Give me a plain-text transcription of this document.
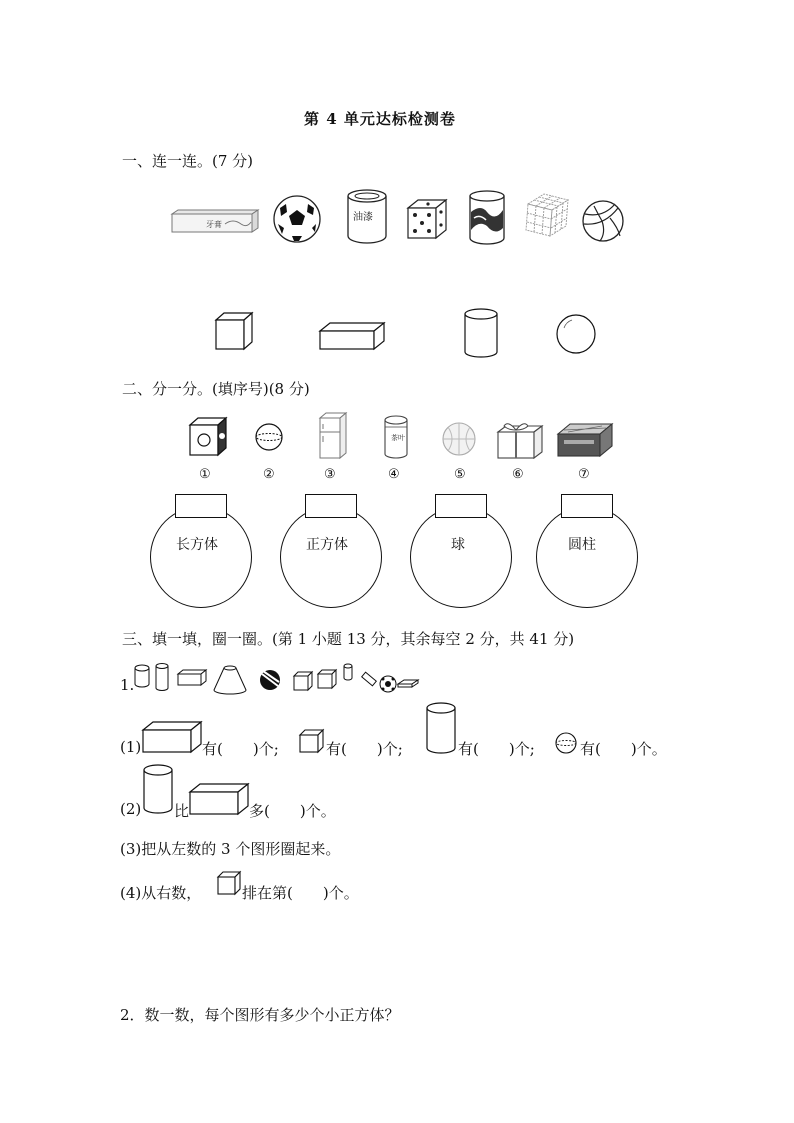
第 4 单元达标检测卷
一、连一连。(7 分)
牙膏
油漆
二、分一分。(填序号)(8 分)
茶叶
①	②	③	④	⑤	⑥	⑦
长方体	正方体	球	圆柱
三、填一填，圈一圈。(第 1 小题 13 分，其余每空 2 分，共 41 分)
1.
(1)	有(　　)个;	有(　　)个;	有(　　)个;	有(　　)个。
(2) 比	多(　　)个。
(3)把从左数的 3 个图形圈起来。
(4)从右数，	排在第(　　)个。
2．数一数，每个图形有多少个小正方体？
